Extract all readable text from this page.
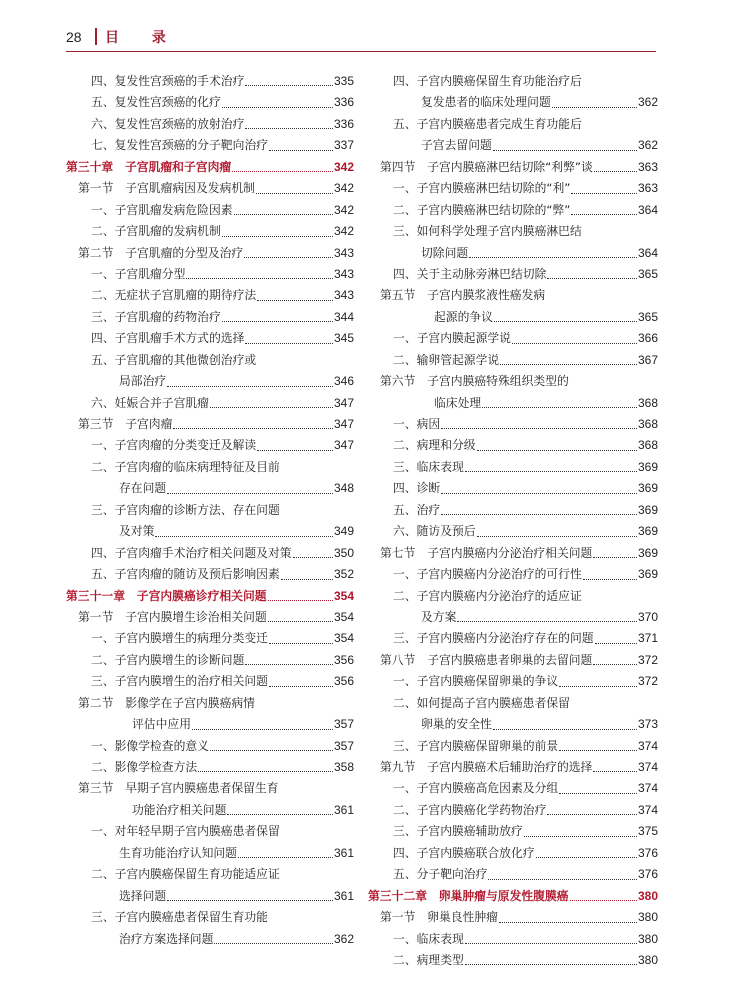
28 目 录
四、复发性宫颈癌的手术治疗	335
五、复发性宫颈癌的化疗	336
六、复发性宫颈癌的放射治疗	336
七、复发性宫颈癌的分子靶向治疗	337
第三十章　子宫肌瘤和子宫肉瘤	342
第一节　子宫肌瘤病因及发病机制	342
一、子宫肌瘤发病危险因素	342
二、子宫肌瘤的发病机制	342
第二节　子宫肌瘤的分型及治疗	343
一、子宫肌瘤分型	343
二、无症状子宫肌瘤的期待疗法	343
三、子宫肌瘤的药物治疗	344
四、子宫肌瘤手术方式的选择	345
五、子宫肌瘤的其他微创治疗或
局部治疗	346
六、妊娠合并子宫肌瘤	347
第三节　子宫肉瘤	347
一、子宫肉瘤的分类变迁及解读	347
二、子宫肉瘤的临床病理特征及目前
存在问题	348
三、子宫肉瘤的诊断方法、存在问题
及对策	349
四、子宫肉瘤手术治疗相关问题及对策	350
五、子宫肉瘤的随访及预后影响因素	352
第三十一章　子宫内膜癌诊疗相关问题	354
第一节　子宫内膜增生诊治相关问题	354
一、子宫内膜增生的病理分类变迁	354
二、子宫内膜增生的诊断问题	356
三、子宫内膜增生的治疗相关问题	356
第二节　影像学在子宫内膜癌病情
评估中应用	357
一、影像学检查的意义	357
二、影像学检查方法	358
第三节　早期子宫内膜癌患者保留生育
功能治疗相关问题	361
一、对年轻早期子宫内膜癌患者保留
生育功能治疗认知问题	361
二、子宫内膜癌保留生育功能适应证
选择问题	361
三、子宫内膜癌患者保留生育功能
治疗方案选择问题	362
四、子宫内膜癌保留生育功能治疗后
复发患者的临床处理问题	362
五、子宫内膜癌患者完成生育功能后
子宫去留问题	362
第四节　子宫内膜癌淋巴结切除“利弊”谈	363
一、子宫内膜癌淋巴结切除的“利”	363
二、子宫内膜癌淋巴结切除的“弊”	364
三、如何科学处理子宫内膜癌淋巴结
切除问题	364
四、关于主动脉旁淋巴结切除	365
第五节　子宫内膜浆液性癌发病
起源的争议	365
一、子宫内膜起源学说	366
二、输卵管起源学说	367
第六节　子宫内膜癌特殊组织类型的
临床处理	368
一、病因	368
二、病理和分级	368
三、临床表现	369
四、诊断	369
五、治疗	369
六、随访及预后	369
第七节　子宫内膜癌内分泌治疗相关问题	369
一、子宫内膜癌内分泌治疗的可行性	369
二、子宫内膜癌内分泌治疗的适应证
及方案	370
三、子宫内膜癌内分泌治疗存在的问题	371
第八节　子宫内膜癌患者卵巢的去留问题	372
一、子宫内膜癌保留卵巢的争议	372
二、如何提高子宫内膜癌患者保留
卵巢的安全性	373
三、子宫内膜癌保留卵巢的前景	374
第九节　子宫内膜癌术后辅助治疗的选择	374
一、子宫内膜癌高危因素及分组	374
二、子宫内膜癌化学药物治疗	374
三、子宫内膜癌辅助放疗	375
四、子宫内膜癌联合放化疗	376
五、分子靶向治疗	376
第三十二章　卵巢肿瘤与原发性腹膜癌	380
第一节　卵巢良性肿瘤	380
一、临床表现	380
二、病理类型	380
